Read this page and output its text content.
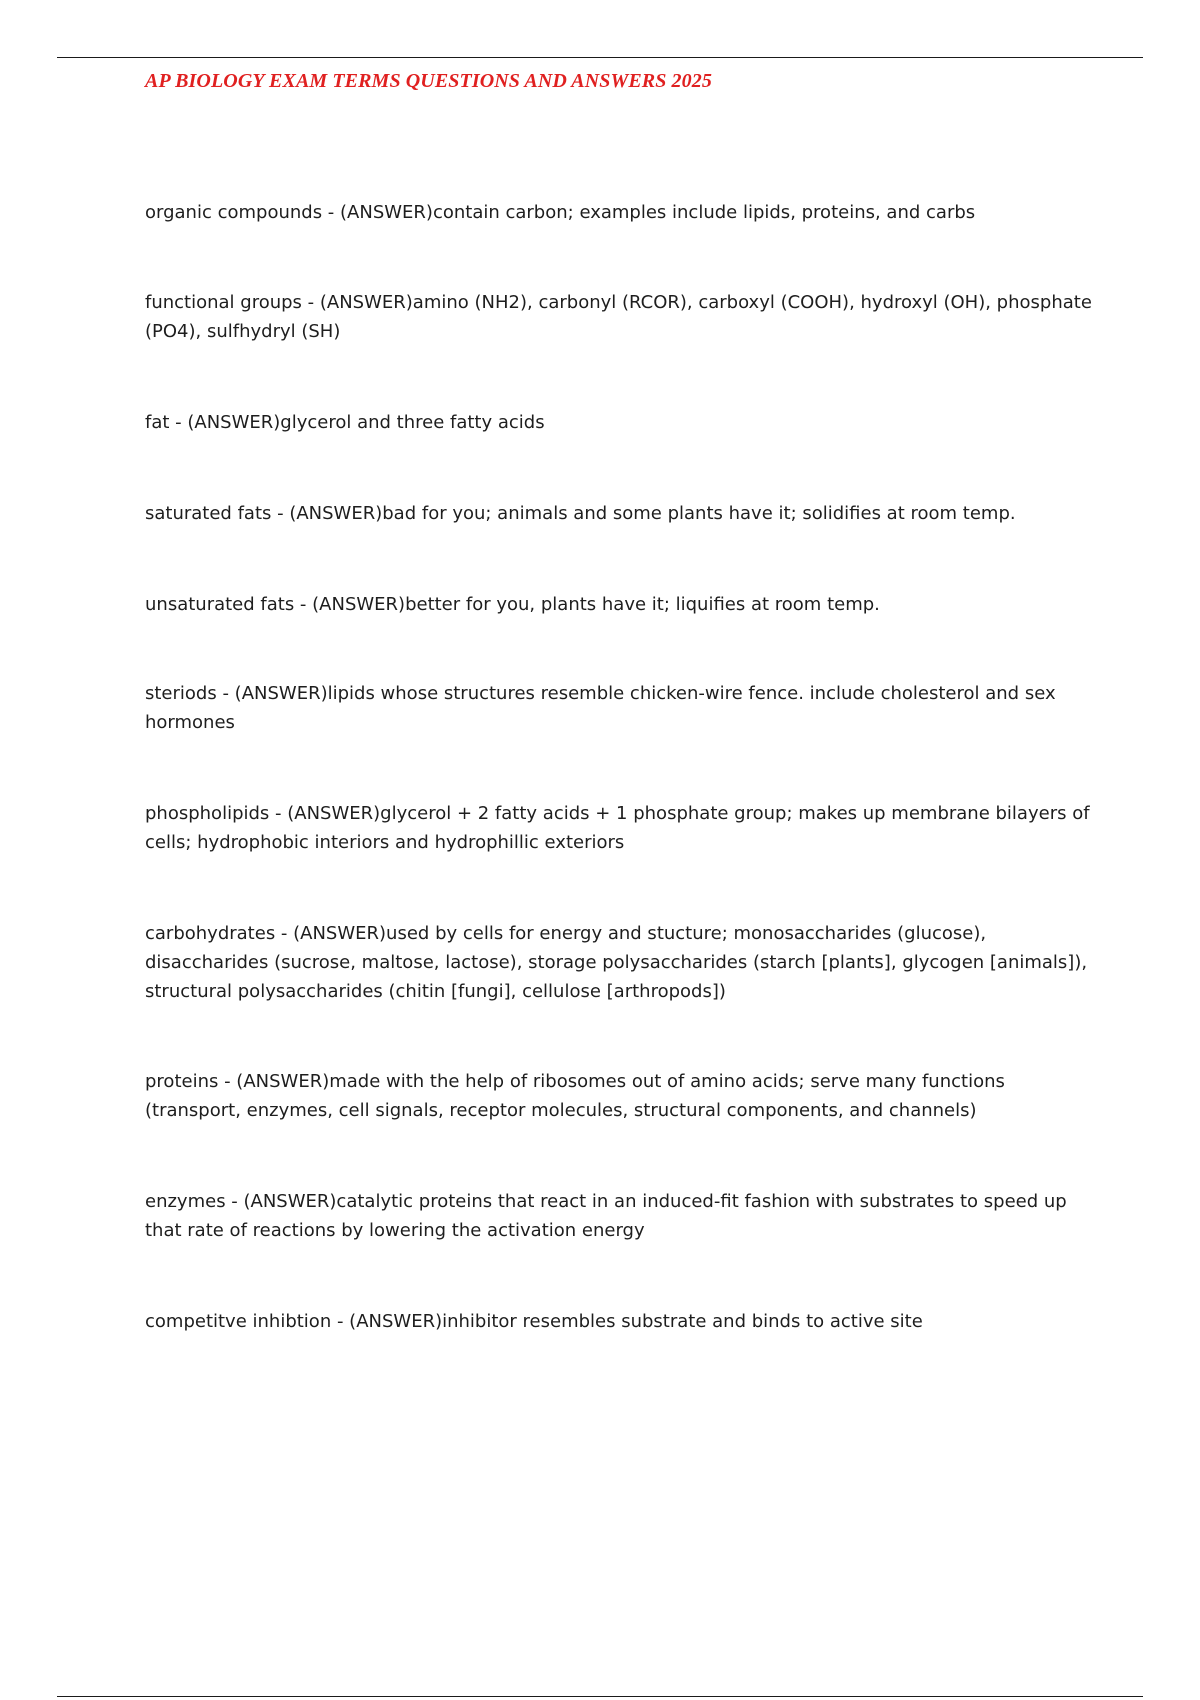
AP BIOLOGY EXAM TERMS QUESTIONS AND ANSWERS 2025

organic compounds - (ANSWER)contain carbon; examples include lipids, proteins, and carbs

functional groups - (ANSWER)amino (NH2), carbonyl (RCOR), carboxyl (COOH), hydroxyl (OH), phosphate (PO4), sulfhydryl (SH)

fat - (ANSWER)glycerol and three fatty acids

saturated fats - (ANSWER)bad for you; animals and some plants have it; solidifies at room temp.

unsaturated fats - (ANSWER)better for you, plants have it; liquifies at room temp.

steriods - (ANSWER)lipids whose structures resemble chicken-wire fence. include cholesterol and sex hormones

phospholipids - (ANSWER)glycerol + 2 fatty acids + 1 phosphate group; makes up membrane bilayers of cells; hydrophobic interiors and hydrophillic exteriors

carbohydrates - (ANSWER)used by cells for energy and stucture; monosaccharides (glucose), disaccharides (sucrose, maltose, lactose), storage polysaccharides (starch [plants], glycogen [animals]), structural polysaccharides (chitin [fungi], cellulose [arthropods])

proteins - (ANSWER)made with the help of ribosomes out of amino acids; serve many functions (transport, enzymes, cell signals, receptor molecules, structural components, and channels)

enzymes - (ANSWER)catalytic proteins that react in an induced-fit fashion with substrates to speed up that rate of reactions by lowering the activation energy

competitve inhibtion - (ANSWER)inhibitor resembles substrate and binds to active site
